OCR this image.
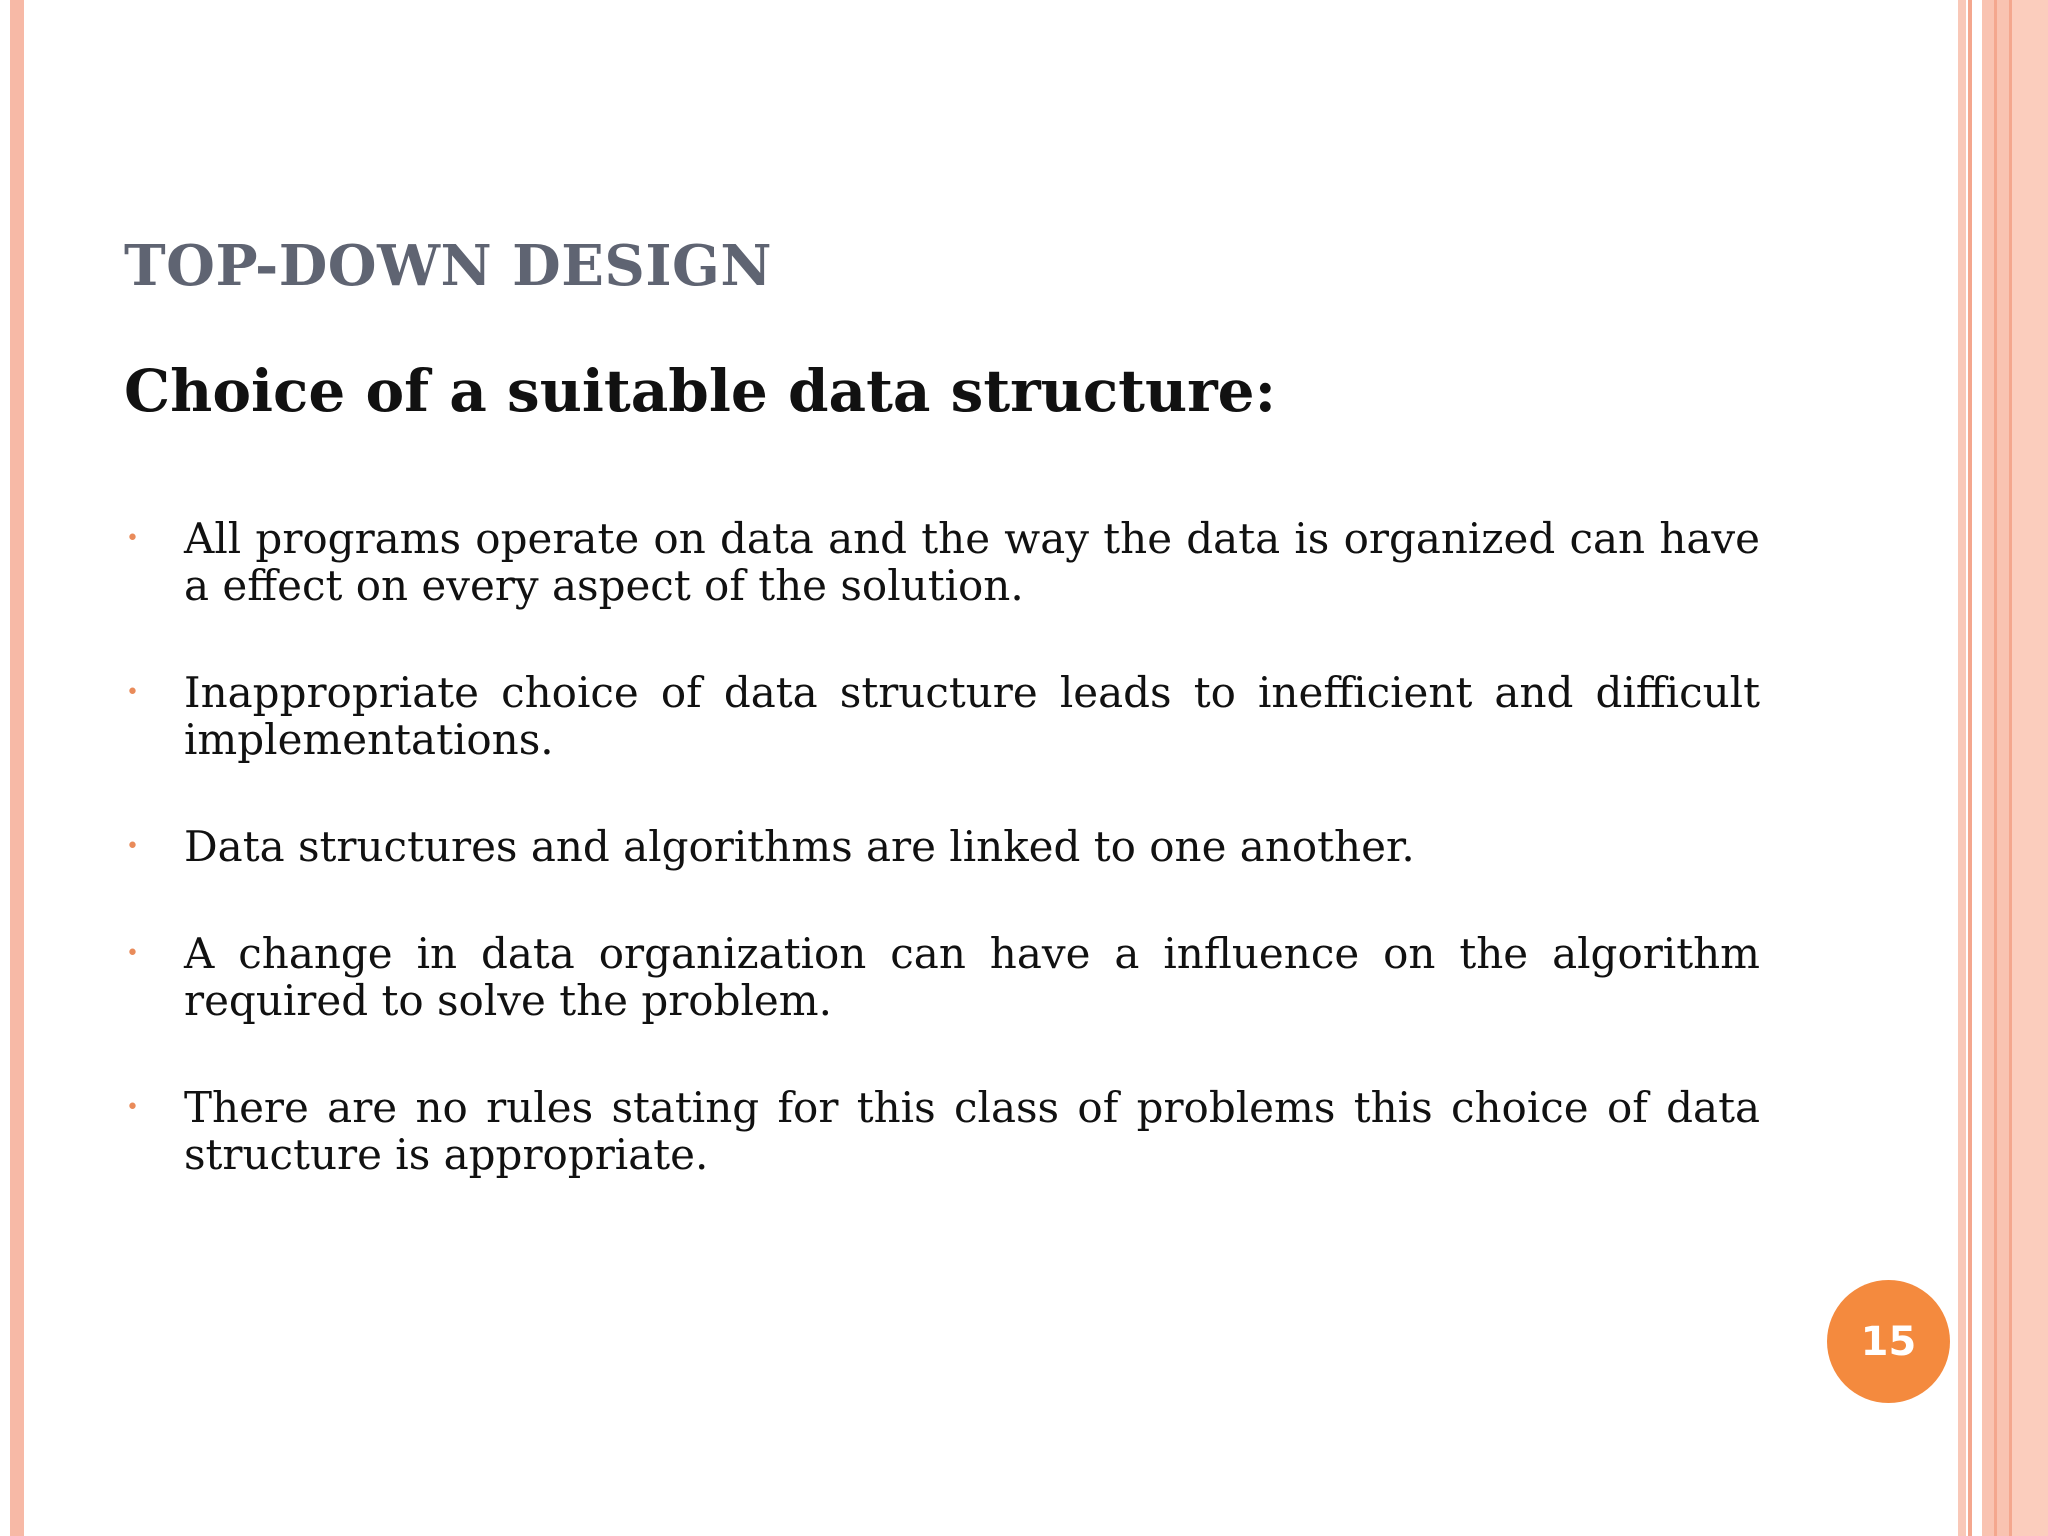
TOP-DOWN DESIGN
Choice of a suitable data structure:
• All programs operate on data and the way the data is organized can have a effect on every aspect of the solution.
• Inappropriate choice of data structure leads to inefficient and difficult implementations.
• Data structures and algorithms are linked to one another.
• A change in data organization can have a influence on the algorithm required to solve the problem.
• There are no rules stating for this class of problems this choice of data structure is appropriate.
15
